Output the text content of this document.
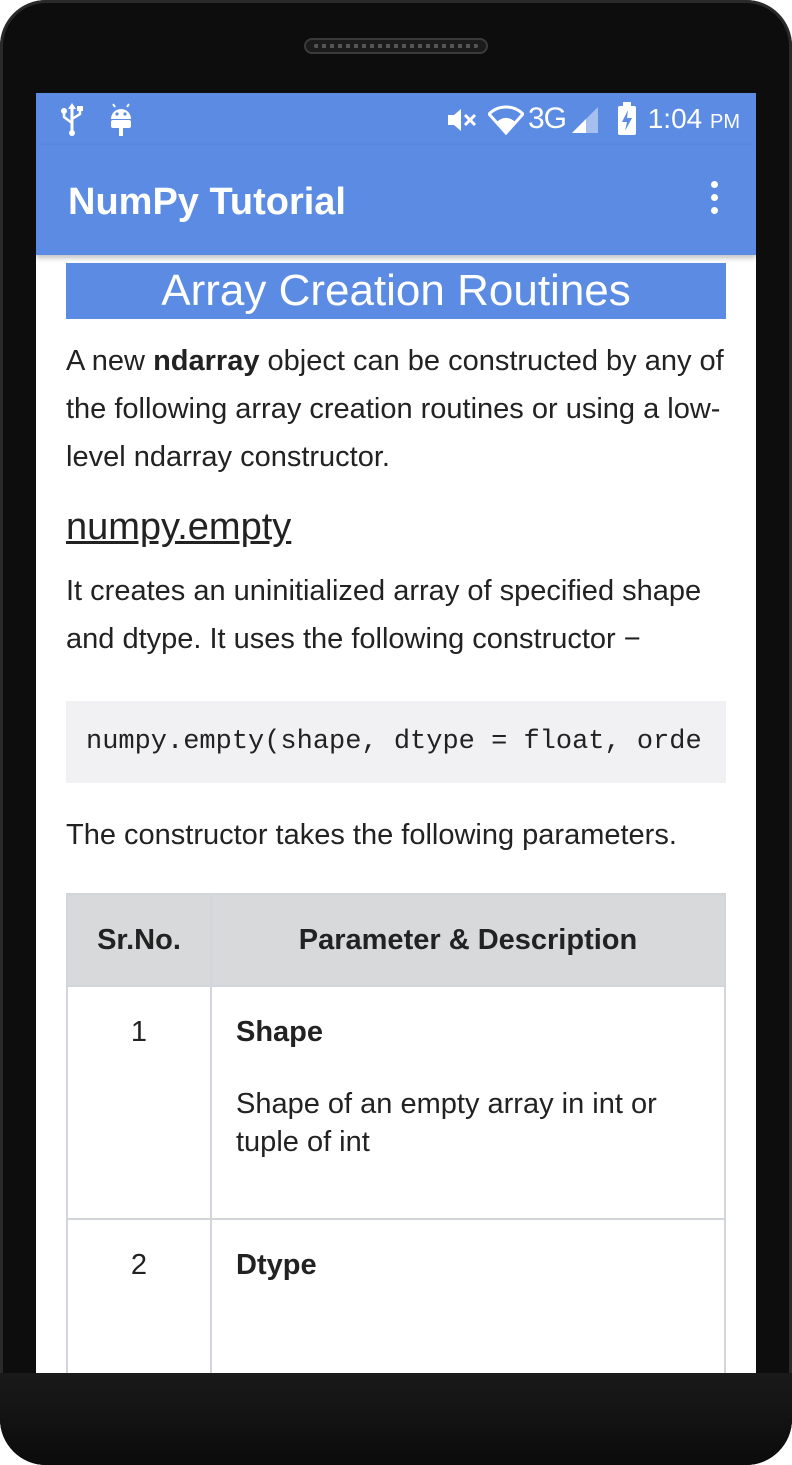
3G	1:04 PM
NumPy Tutorial
Array Creation Routines

A new ndarray object can be constructed by any of the following array creation routines or using a low-level ndarray constructor.

numpy.empty

It creates an uninitialized array of specified shape and dtype. It uses the following constructor −

numpy.empty(shape, dtype = float, orde

The constructor takes the following parameters.

Sr.No.	Parameter & Description

1	Shape
Shape of an empty array in int or tuple of int

2	Dtype
